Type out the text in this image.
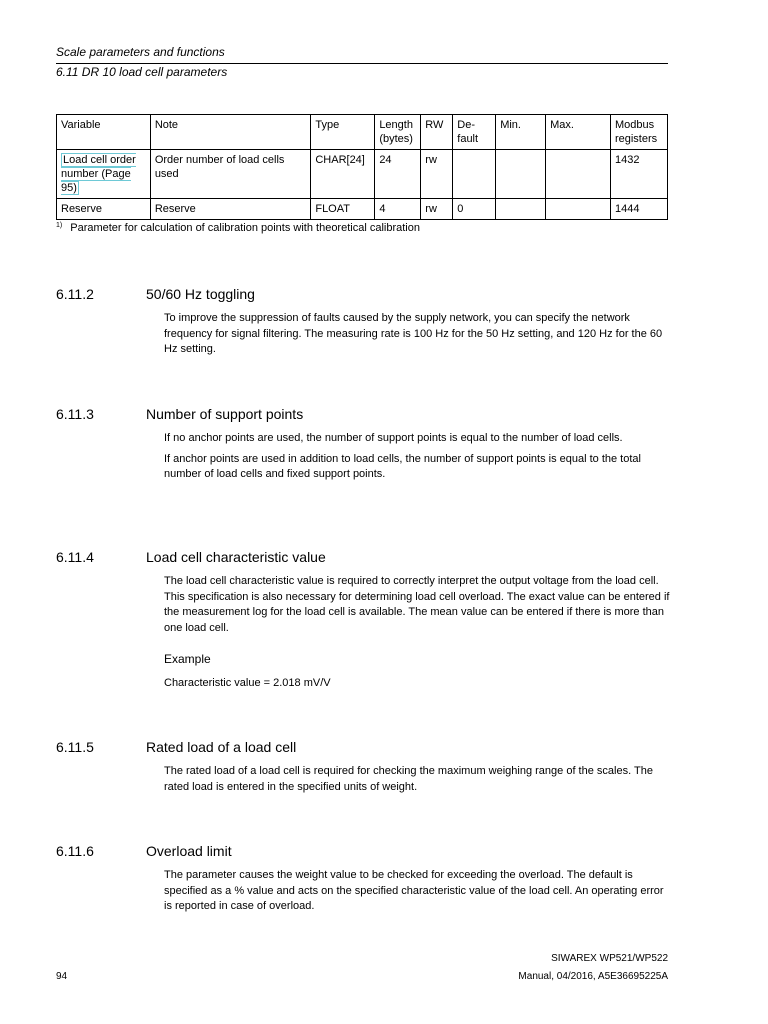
Scale parameters and functions
6.11 DR 10 load cell parameters
Variable	Note	Type	Length (bytes)	RW	De-fault	Min.	Max.	Modbus registers
Load cell order number (Page 95)	Order number of load cells used	CHAR[24]	24	rw				1432
Reserve	Reserve	FLOAT	4	rw	0			1444
$^{1)}$ Parameter for calculation of calibration points with theoretical calibration
6.11.2	50/60 Hz toggling

To improve the suppression of faults caused by the supply network, you can specify the network frequency for signal filtering. The measuring rate is 100 Hz for the 50 Hz setting, and 120 Hz for the 60 Hz setting.

6.11.3	Number of support points

If no anchor points are used, the number of support points is equal to the number of load cells.

If anchor points are used in addition to load cells, the number of support points is equal to the total number of load cells and fixed support points.

6.11.4	Load cell characteristic value

The load cell characteristic value is required to correctly interpret the output voltage from the load cell. This specification is also necessary for determining load cell overload. The exact value can be entered if the measurement log for the load cell is available. The mean value can be entered if there is more than one load cell.

Example

Characteristic value = 2.018 mV/V

6.11.5	Rated load of a load cell

The rated load of a load cell is required for checking the maximum weighing range of the scales. The rated load is entered in the specified units of weight.

6.11.6	Overload limit

The parameter causes the weight value to be checked for exceeding the overload. The default is specified as a % value and acts on the specified characteristic value of the load cell. An operating error is reported in case of overload.

SIWAREX WP521/WP522
Manual, 04/2016, A5E36695225A
94
